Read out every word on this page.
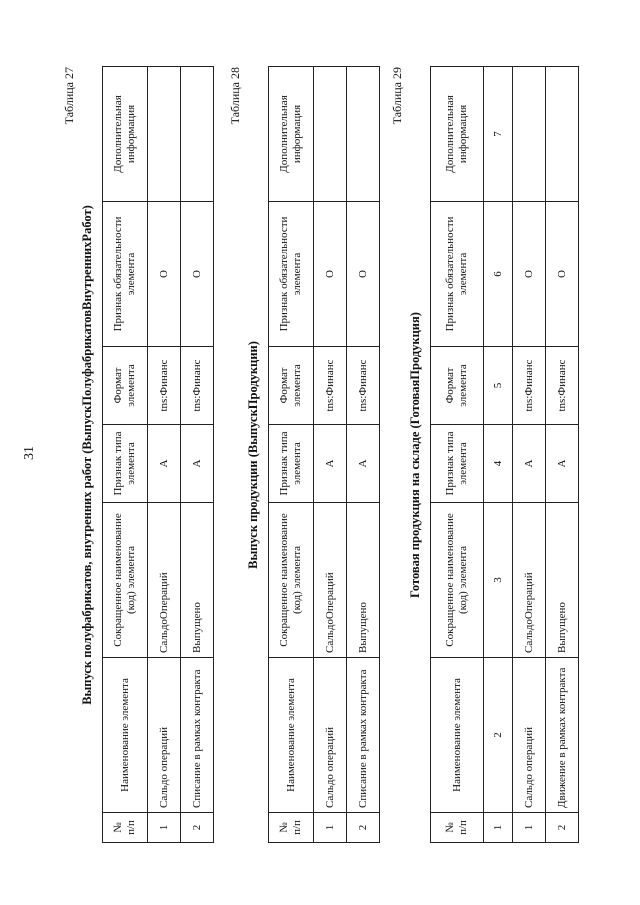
31
Таблица 27
Выпуск полуфабрикатов, внутренних работ (ВыпускПолуфабрикатовВнутреннихРабот)
№ п/п	Наименование элемента	Сокращенное наименование (код) элемента	Признак типа элемента	Формат элемента	Признак обязательности элемента	Дополнительная информация
1	Сальдо операций	СальдоОпераций	А	tns:Финанс	О	
2	Списание в рамках контракта	Выпущено	А	tns:Финанс	О	
Таблица 28
Выпуск продукции (ВыпускПродукции)
№ п/п	Наименование элемента	Сокращенное наименование (код) элемента	Признак типа элемента	Формат элемента	Признак обязательности элемента	Дополнительная информация
1	Сальдо операций	СальдоОпераций	А	tns:Финанс	О	
2	Списание в рамках контракта	Выпущено	А	tns:Финанс	О	
Таблица 29
Готовая продукция на складе (ГотоваяПродукция)
№ п/п	Наименование элемента	Сокращенное наименование (код) элемента	Признак типа элемента	Формат элемента	Признак обязательности элемента	Дополнительная информация
1	2	3	4	5	6	7
1	Сальдо операций	СальдоОпераций	А	tns:Финанс	О	
2	Движение в рамках контракта	Выпущено	А	tns:Финанс	О	
